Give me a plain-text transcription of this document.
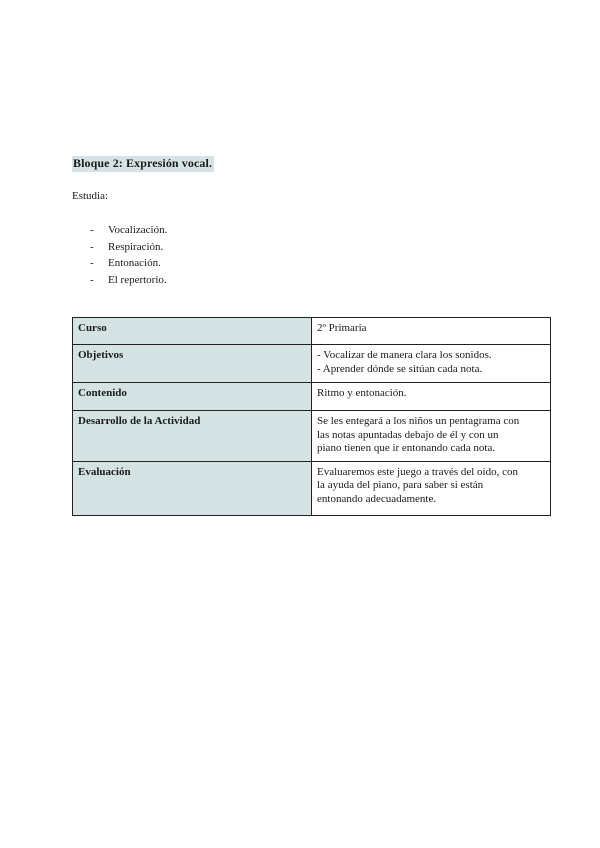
Bloque 2: Expresión vocal.
Estudia:
- Vocalización.
- Respiración.
- Entonación.
- El repertorio.
Curso	2º Primaria

Objetivos	- Vocalizar de manera clara los sonidos.
- Aprender dónde se sitúan cada nota.

Contenido	Ritmo y entonación.

Desarrollo de la Actividad	Se les entegará a los niños un pentagrama con
las notas apuntadas debajo de él y con un
piano tienen que ir entonando cada nota.

Evaluación	Evaluaremos este juego a través del oído, con
la ayuda del piano, para saber si están
entonando adecuadamente.
